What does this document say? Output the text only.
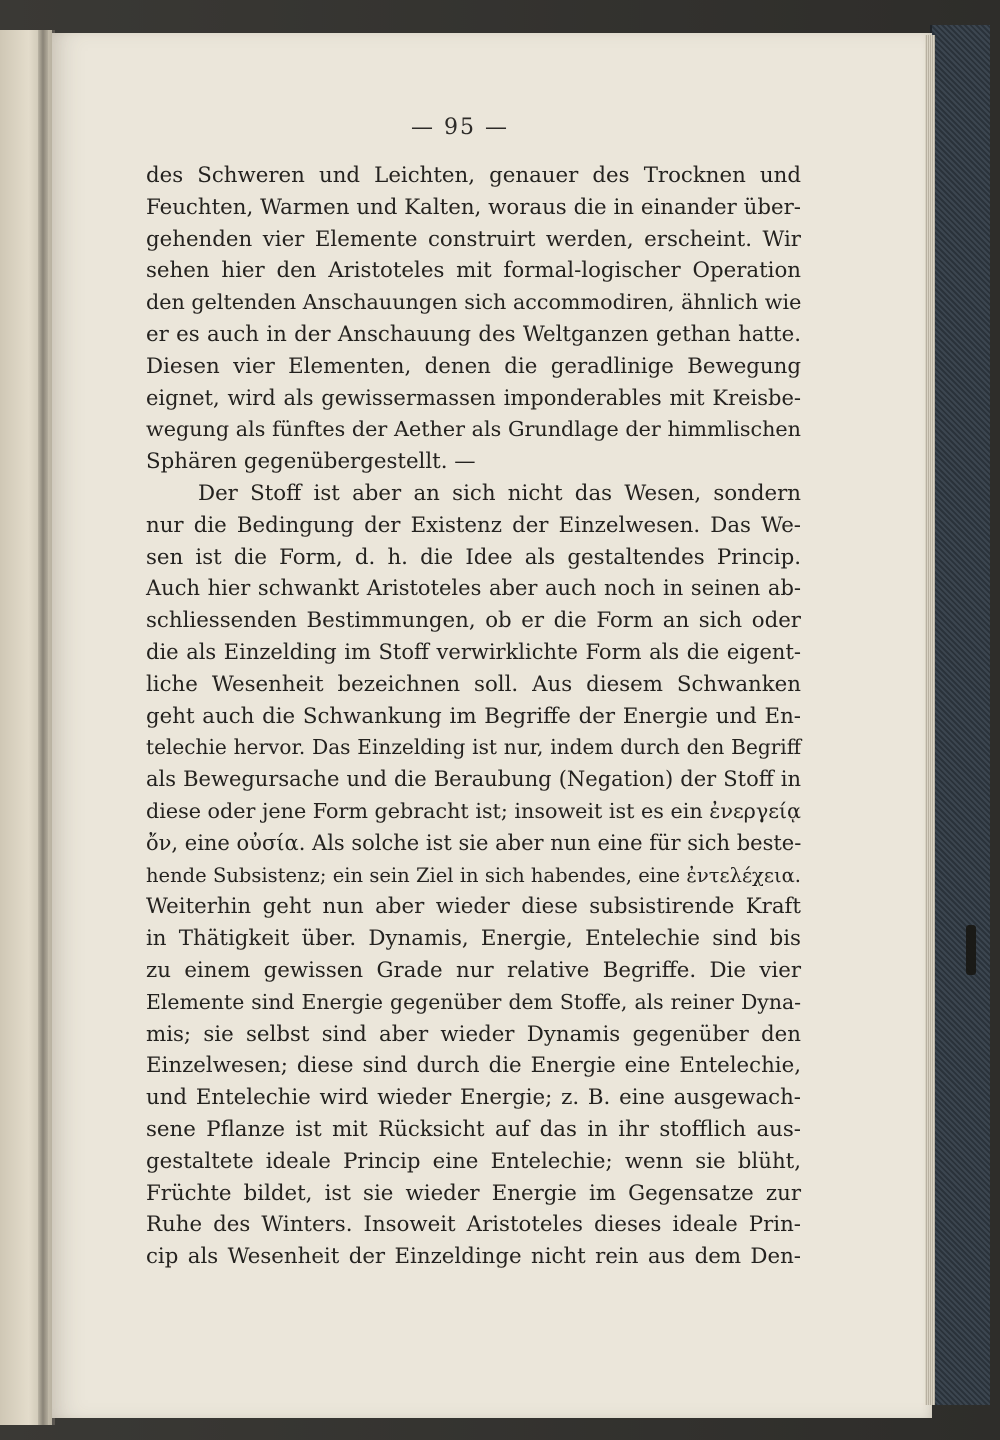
— 95 —
des Schweren und Leichten, genauer des Trocknen und
Feuchten, Warmen und Kalten, woraus die in einander über-
gehenden vier Elemente construirt werden, erscheint. Wir
sehen hier den Aristoteles mit formal-logischer Operation
den geltenden Anschauungen sich accommodiren, ähnlich wie
er es auch in der Anschauung des Weltganzen gethan hatte.
Diesen vier Elementen, denen die geradlinige Bewegung
eignet, wird als gewissermassen imponderables mit Kreisbe-
wegung als fünftes der Aether als Grundlage der himmlischen
Sphären gegenübergestellt. —
Der Stoff ist aber an sich nicht das Wesen, sondern
nur die Bedingung der Existenz der Einzelwesen. Das We-
sen ist die Form, d. h. die Idee als gestaltendes Princip.
Auch hier schwankt Aristoteles aber auch noch in seinen ab-
schliessenden Bestimmungen, ob er die Form an sich oder
die als Einzelding im Stoff verwirklichte Form als die eigent-
liche Wesenheit bezeichnen soll. Aus diesem Schwanken
geht auch die Schwankung im Begriffe der Energie und En-
telechie hervor. Das Einzelding ist nur, indem durch den Begriff
als Bewegursache und die Beraubung (Negation) der Stoff in
diese oder jene Form gebracht ist; insoweit ist es ein ἐνεργείᾳ
ὄν, eine οὐσία. Als solche ist sie aber nun eine für sich beste-
hende Subsistenz; ein sein Ziel in sich habendes, eine ἐντελέχεια.
Weiterhin geht nun aber wieder diese subsistirende Kraft
in Thätigkeit über. Dynamis, Energie, Entelechie sind bis
zu einem gewissen Grade nur relative Begriffe. Die vier
Elemente sind Energie gegenüber dem Stoffe, als reiner Dyna-
mis; sie selbst sind aber wieder Dynamis gegenüber den
Einzelwesen; diese sind durch die Energie eine Entelechie,
und Entelechie wird wieder Energie; z. B. eine ausgewach-
sene Pflanze ist mit Rücksicht auf das in ihr stofflich aus-
gestaltete ideale Princip eine Entelechie; wenn sie blüht,
Früchte bildet, ist sie wieder Energie im Gegensatze zur
Ruhe des Winters. Insoweit Aristoteles dieses ideale Prin-
cip als Wesenheit der Einzeldinge nicht rein aus dem Den-
